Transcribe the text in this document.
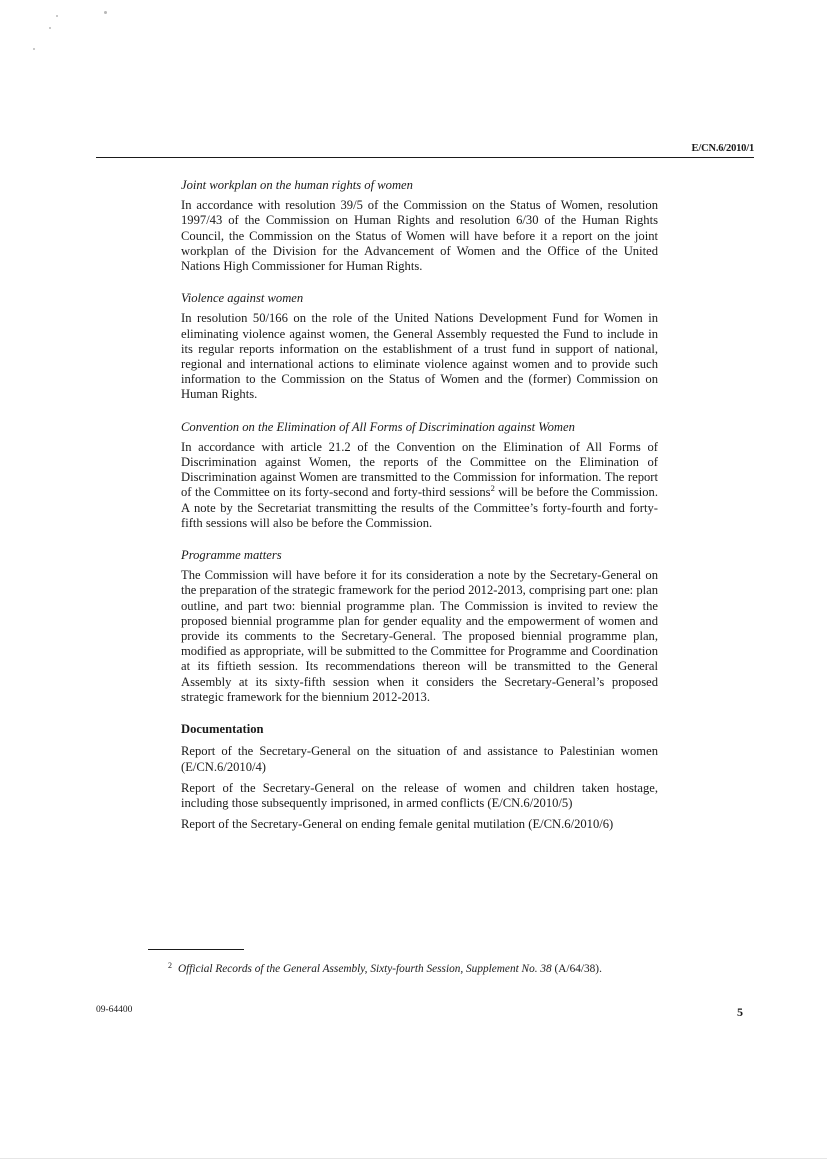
E/CN.6/2010/1
Joint workplan on the human rights of women

In accordance with resolution 39/5 of the Commission on the Status of Women, resolution 1997/43 of the Commission on Human Rights and resolution 6/30 of the Human Rights Council, the Commission on the Status of Women will have before it a report on the joint workplan of the Division for the Advancement of Women and the Office of the United Nations High Commissioner for Human Rights.

Violence against women

In resolution 50/166 on the role of the United Nations Development Fund for Women in eliminating violence against women, the General Assembly requested the Fund to include in its regular reports information on the establishment of a trust fund in support of national, regional and international actions to eliminate violence against women and to provide such information to the Commission on the Status of Women and the (former) Commission on Human Rights.

Convention on the Elimination of All Forms of Discrimination against Women

In accordance with article 21.2 of the Convention on the Elimination of All Forms of Discrimination against Women, the reports of the Committee on the Elimination of Discrimination against Women are transmitted to the Commission for information. The report of the Committee on its forty-second and forty-third sessions$^2$ will be before the Commission. A note by the Secretariat transmitting the results of the Committee’s forty-fourth and forty-fifth sessions will also be before the Commission.

Programme matters

The Commission will have before it for its consideration a note by the Secretary-General on the preparation of the strategic framework for the period 2012-2013, comprising part one: plan outline, and part two: biennial programme plan. The Commission is invited to review the proposed biennial programme plan for gender equality and the empowerment of women and provide its comments to the Secretary-General. The proposed biennial programme plan, modified as appropriate, will be submitted to the Committee for Programme and Coordination at its fiftieth session. Its recommendations thereon will be transmitted to the General Assembly at its sixty-fifth session when it considers the Secretary-General’s proposed strategic framework for the biennium 2012-2013.

Documentation

Report of the Secretary-General on the situation of and assistance to Palestinian women (E/CN.6/2010/4)

Report of the Secretary-General on the release of women and children taken hostage, including those subsequently imprisoned, in armed conflicts (E/CN.6/2010/5)

Report of the Secretary-General on ending female genital mutilation (E/CN.6/2010/6)

$^2$ Official Records of the General Assembly, Sixty-fourth Session, Supplement No. 38 (A/64/38).
09-64400	5
